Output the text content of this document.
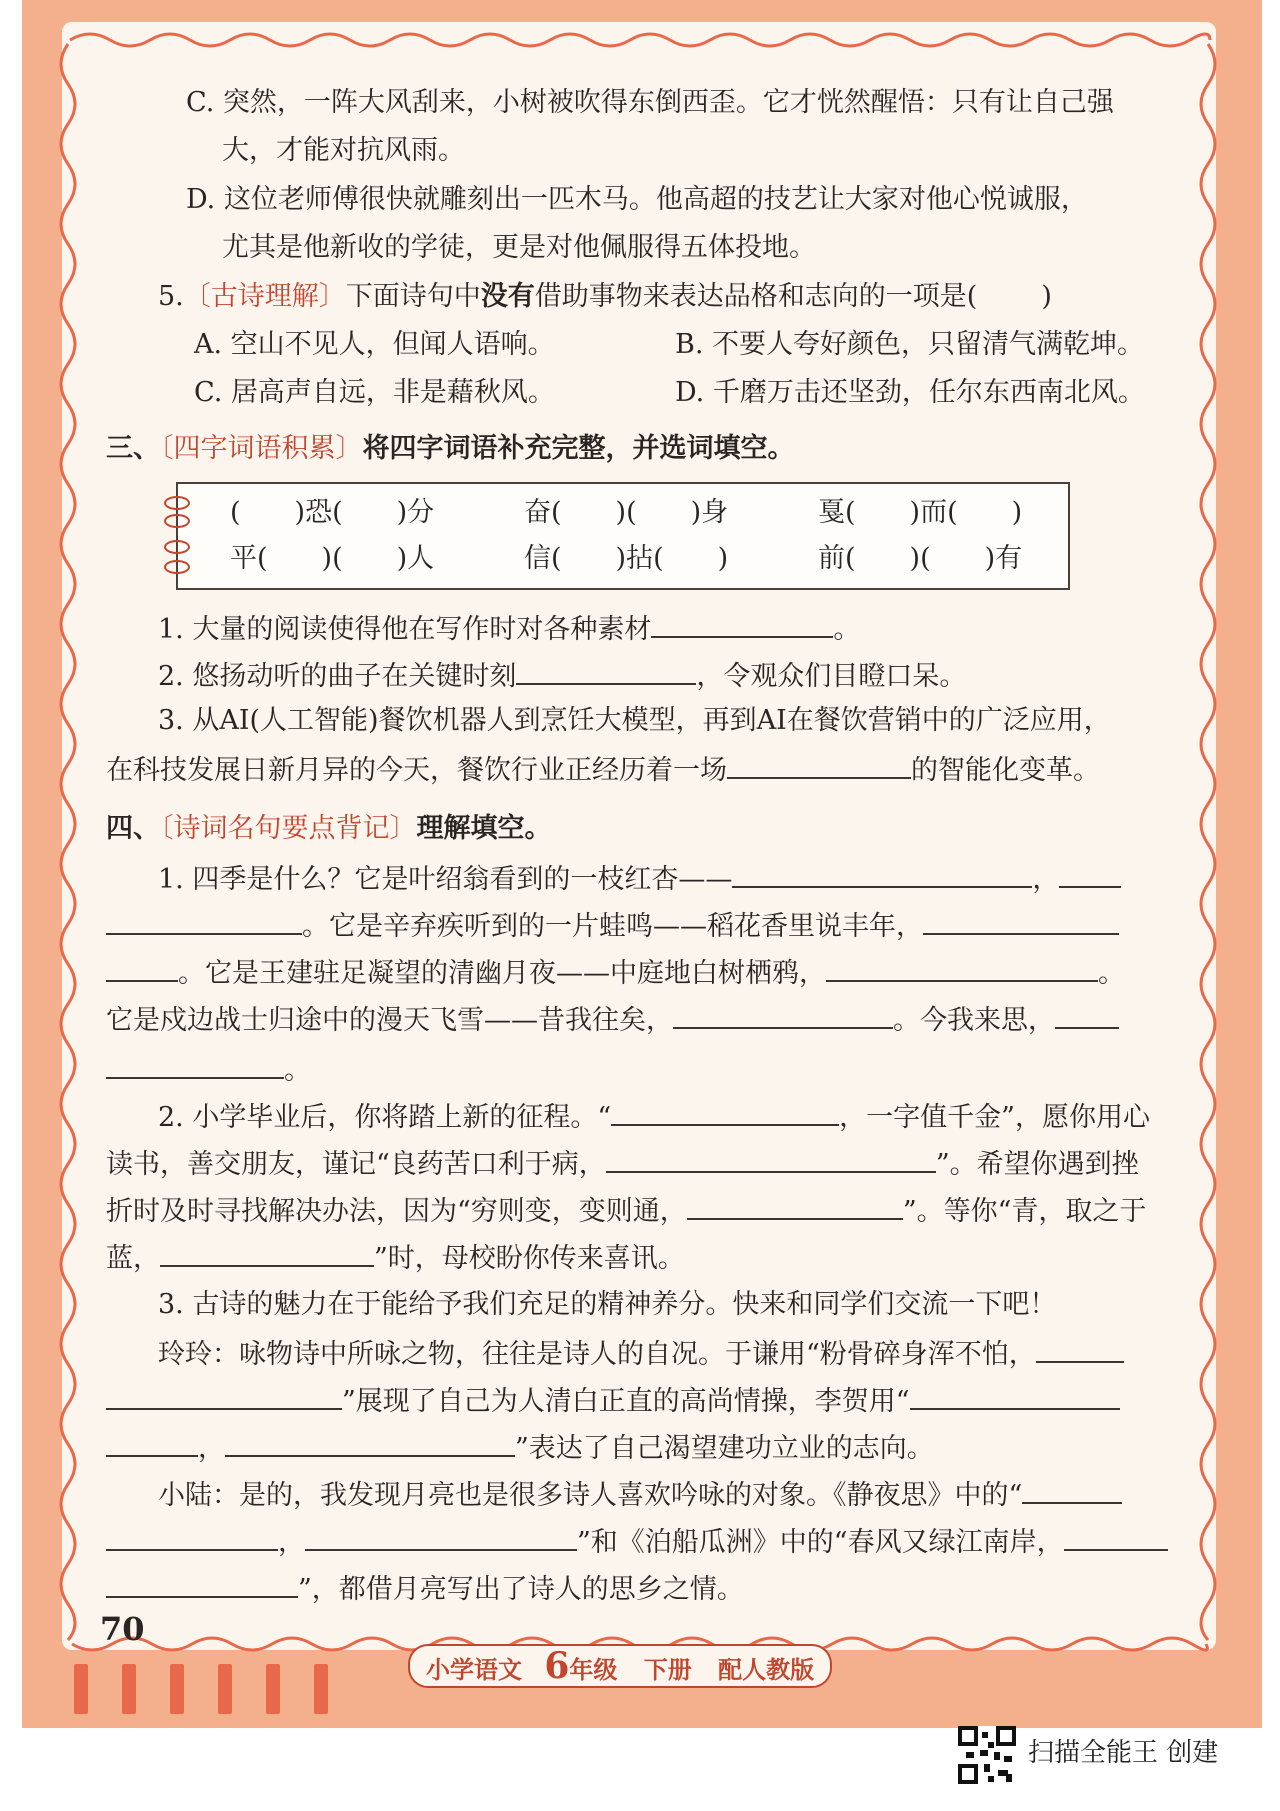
C. 突然，一阵大风刮来，小树被吹得东倒西歪。它才恍然醒悟：只有让自己强
大，才能对抗风雨。
D. 这位老师傅很快就雕刻出一匹木马。他高超的技艺让大家对他心悦诚服，
尤其是他新收的学徒，更是对他佩服得五体投地。
5.〔古诗理解〕下面诗句中没有借助事物来表达品格和志向的一项是( )
A. 空山不见人，但闻人语响。	B. 不要人夸好颜色，只留清气满乾坤。
C. 居高声自远，非是藉秋风。	D. 千磨万击还坚劲，任尔东西南北风。
三、〔四字词语积累〕将四字词语补充完整，并选词填空。
(　　)恐(　　)分	奋(　　)(　　)身	戛(　　)而(　　)
平(　　)(　　)人	信(　　)拈(　　)	前(　　)(　　)有
1. 大量的阅读使得他在写作时对各种素材	。
2. 悠扬动听的曲子在关键时刻	，令观众们目瞪口呆。
3. 从AI(人工智能)餐饮机器人到烹饪大模型，再到AI在餐饮营销中的广泛应用，
在科技发展日新月异的今天，餐饮行业正经历着一场	的智能化变革。
四、〔诗词名句要点背记〕理解填空。
1. 四季是什么？它是叶绍翁看到的一枝红杏——	，
。它是辛弃疾听到的一片蛙鸣——稻花香里说丰年，
。它是王建驻足凝望的清幽月夜——中庭地白树栖鸦，	。
它是戍边战士归途中的漫天飞雪——昔我往矣，	。今我来思，
。
2. 小学毕业后，你将踏上新的征程。“	，一字值千金”，愿你用心
读书，善交朋友，谨记“良药苦口利于病，	”。希望你遇到挫
折时及时寻找解决办法，因为“穷则变，变则通，	”。等你“青，取之于
蓝，	”时，母校盼你传来喜讯。
3. 古诗的魅力在于能给予我们充足的精神养分。快来和同学们交流一下吧！
玲玲：咏物诗中所咏之物，往往是诗人的自况。于谦用“粉骨碎身浑不怕，
”展现了自己为人清白正直的高尚情操，李贺用“
，	”表达了自己渴望建功立业的志向。
小陆：是的，我发现月亮也是很多诗人喜欢吟咏的对象。《静夜思》中的“
，	”和《泊船瓜洲》中的“春风又绿江南岸，
”，都借月亮写出了诗人的思乡之情。
70
小学语文 6年级 下册 配人教版
扫描全能王 创建
